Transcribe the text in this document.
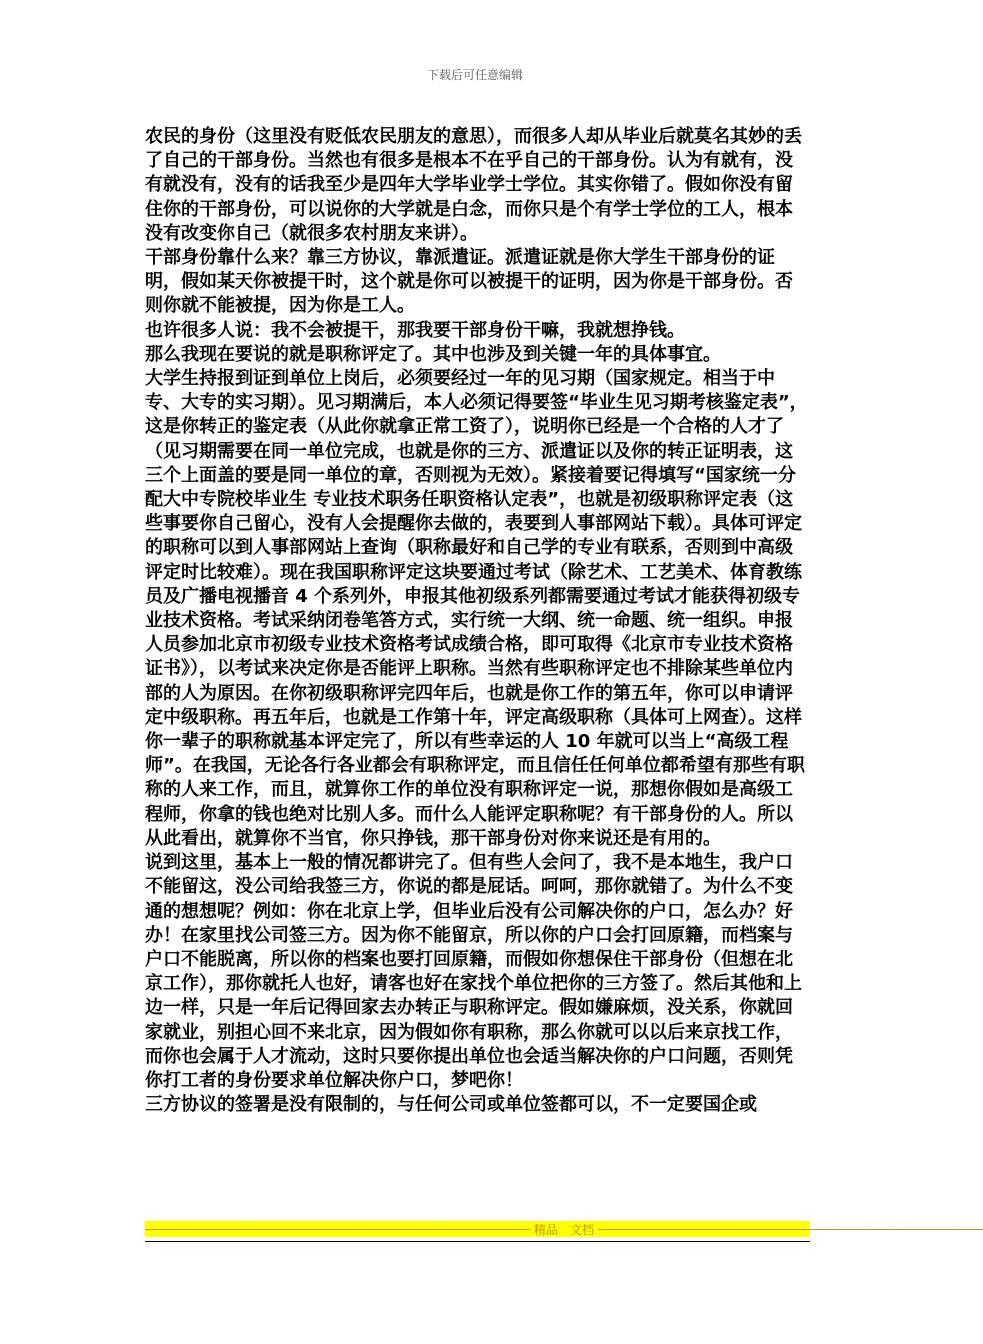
下载后可任意编辑

农民的身份（这里没有贬低农民朋友的意思），而很多人却从毕业后就莫名其妙的丢了自己的干部身份。当然也有很多是根本不在乎自己的干部身份。认为有就有，没有就没有，没有的话我至少是四年大学毕业学士学位。其实你错了。假如你没有留住你的干部身份，可以说你的大学就是白念，而你只是个有学士学位的工人，根本没有改变你自己（就很多农村朋友来讲）。

干部身份靠什么来？靠三方协议，靠派遣证。派遣证就是你大学生干部身份的证明，假如某天你被提干时，这个就是你可以被提干的证明，因为你是干部身份。否则你就不能被提，因为你是工人。

也许很多人说：我不会被提干，那我要干部身份干嘛，我就想挣钱。

那么我现在要说的就是职称评定了。其中也涉及到关键一年的具体事宜。

大学生持报到证到单位上岗后，必须要经过一年的见习期（国家规定。相当于中专、大专的实习期）。见习期满后，本人必须记得要签“毕业生见习期考核鉴定表”，这是你转正的鉴定表（从此你就拿正常工资了），说明你已经是一个合格的人才了（见习期需要在同一单位完成，也就是你的三方、派遣证以及你的转正证明表，这三个上面盖的要是同一单位的章，否则视为无效）。紧接着要记得填写“国家统一分配大中专院校毕业生 专业技术职务任职资格认定表”，也就是初级职称评定表（这些事要你自己留心，没有人会提醒你去做的，表要到人事部网站下载）。具体可评定的职称可以到人事部网站上查询（职称最好和自己学的专业有联系，否则到中高级评定时比较难）。现在我国职称评定这块要通过考试（除艺术、工艺美术、体育教练员及广播电视播音 4 个系列外，申报其他初级系列都需要通过考试才能获得初级专业技术资格。考试采纳闭卷笔答方式，实行统一大纲、统一命题、统一组织。申报人员参加北京市初级专业技术资格考试成绩合格，即可取得《北京市专业技术资格证书》），以考试来决定你是否能评上职称。当然有些职称评定也不排除某些单位内部的人为原因。在你初级职称评完四年后，也就是你工作的第五年，你可以申请评定中级职称。再五年后，也就是工作第十年，评定高级职称（具体可上网查）。这样你一辈子的职称就基本评定完了，所以有些幸运的人 10 年就可以当上“高级工程师”。在我国，无论各行各业都会有职称评定，而且信任任何单位都希望有那些有职称的人来工作，而且，就算你工作的单位没有职称评定一说，那想你假如是高级工程师，你拿的钱也绝对比别人多。而什么人能评定职称呢？有干部身份的人。所以从此看出，就算你不当官，你只挣钱，那干部身份对你来说还是有用的。

说到这里，基本上一般的情况都讲完了。但有些人会问了，我不是本地生，我户口不能留这，没公司给我签三方，你说的都是屁话。呵呵，那你就错了。为什么不变通的想想呢？例如：你在北京上学，但毕业后没有公司解决你的户口，怎么办？好办！在家里找公司签三方。因为你不能留京，所以你的户口会打回原籍，而档案与户口不能脱离，所以你的档案也要打回原籍，而假如你想保住干部身份（但想在北京工作），那你就托人也好，请客也好在家找个单位把你的三方签了。然后其他和上边一样，只是一年后记得回家去办转正与职称评定。假如嫌麻烦，没关系，你就回家就业，别担心回不来北京，因为假如你有职称，那么你就可以以后来京找工作，而你也会属于人才流动，这时只要你提出单位也会适当解决你的户口问题，否则凭你打工者的身份要求单位解决你户口，梦吧你！

三方协议的签署是没有限制的，与任何公司或单位签都可以，不一定要国企或

------------------------------------------------------------------------------------------------------------------------------ 精品　文档 ------------------------------------------------------------------------------------------------------------------------------
